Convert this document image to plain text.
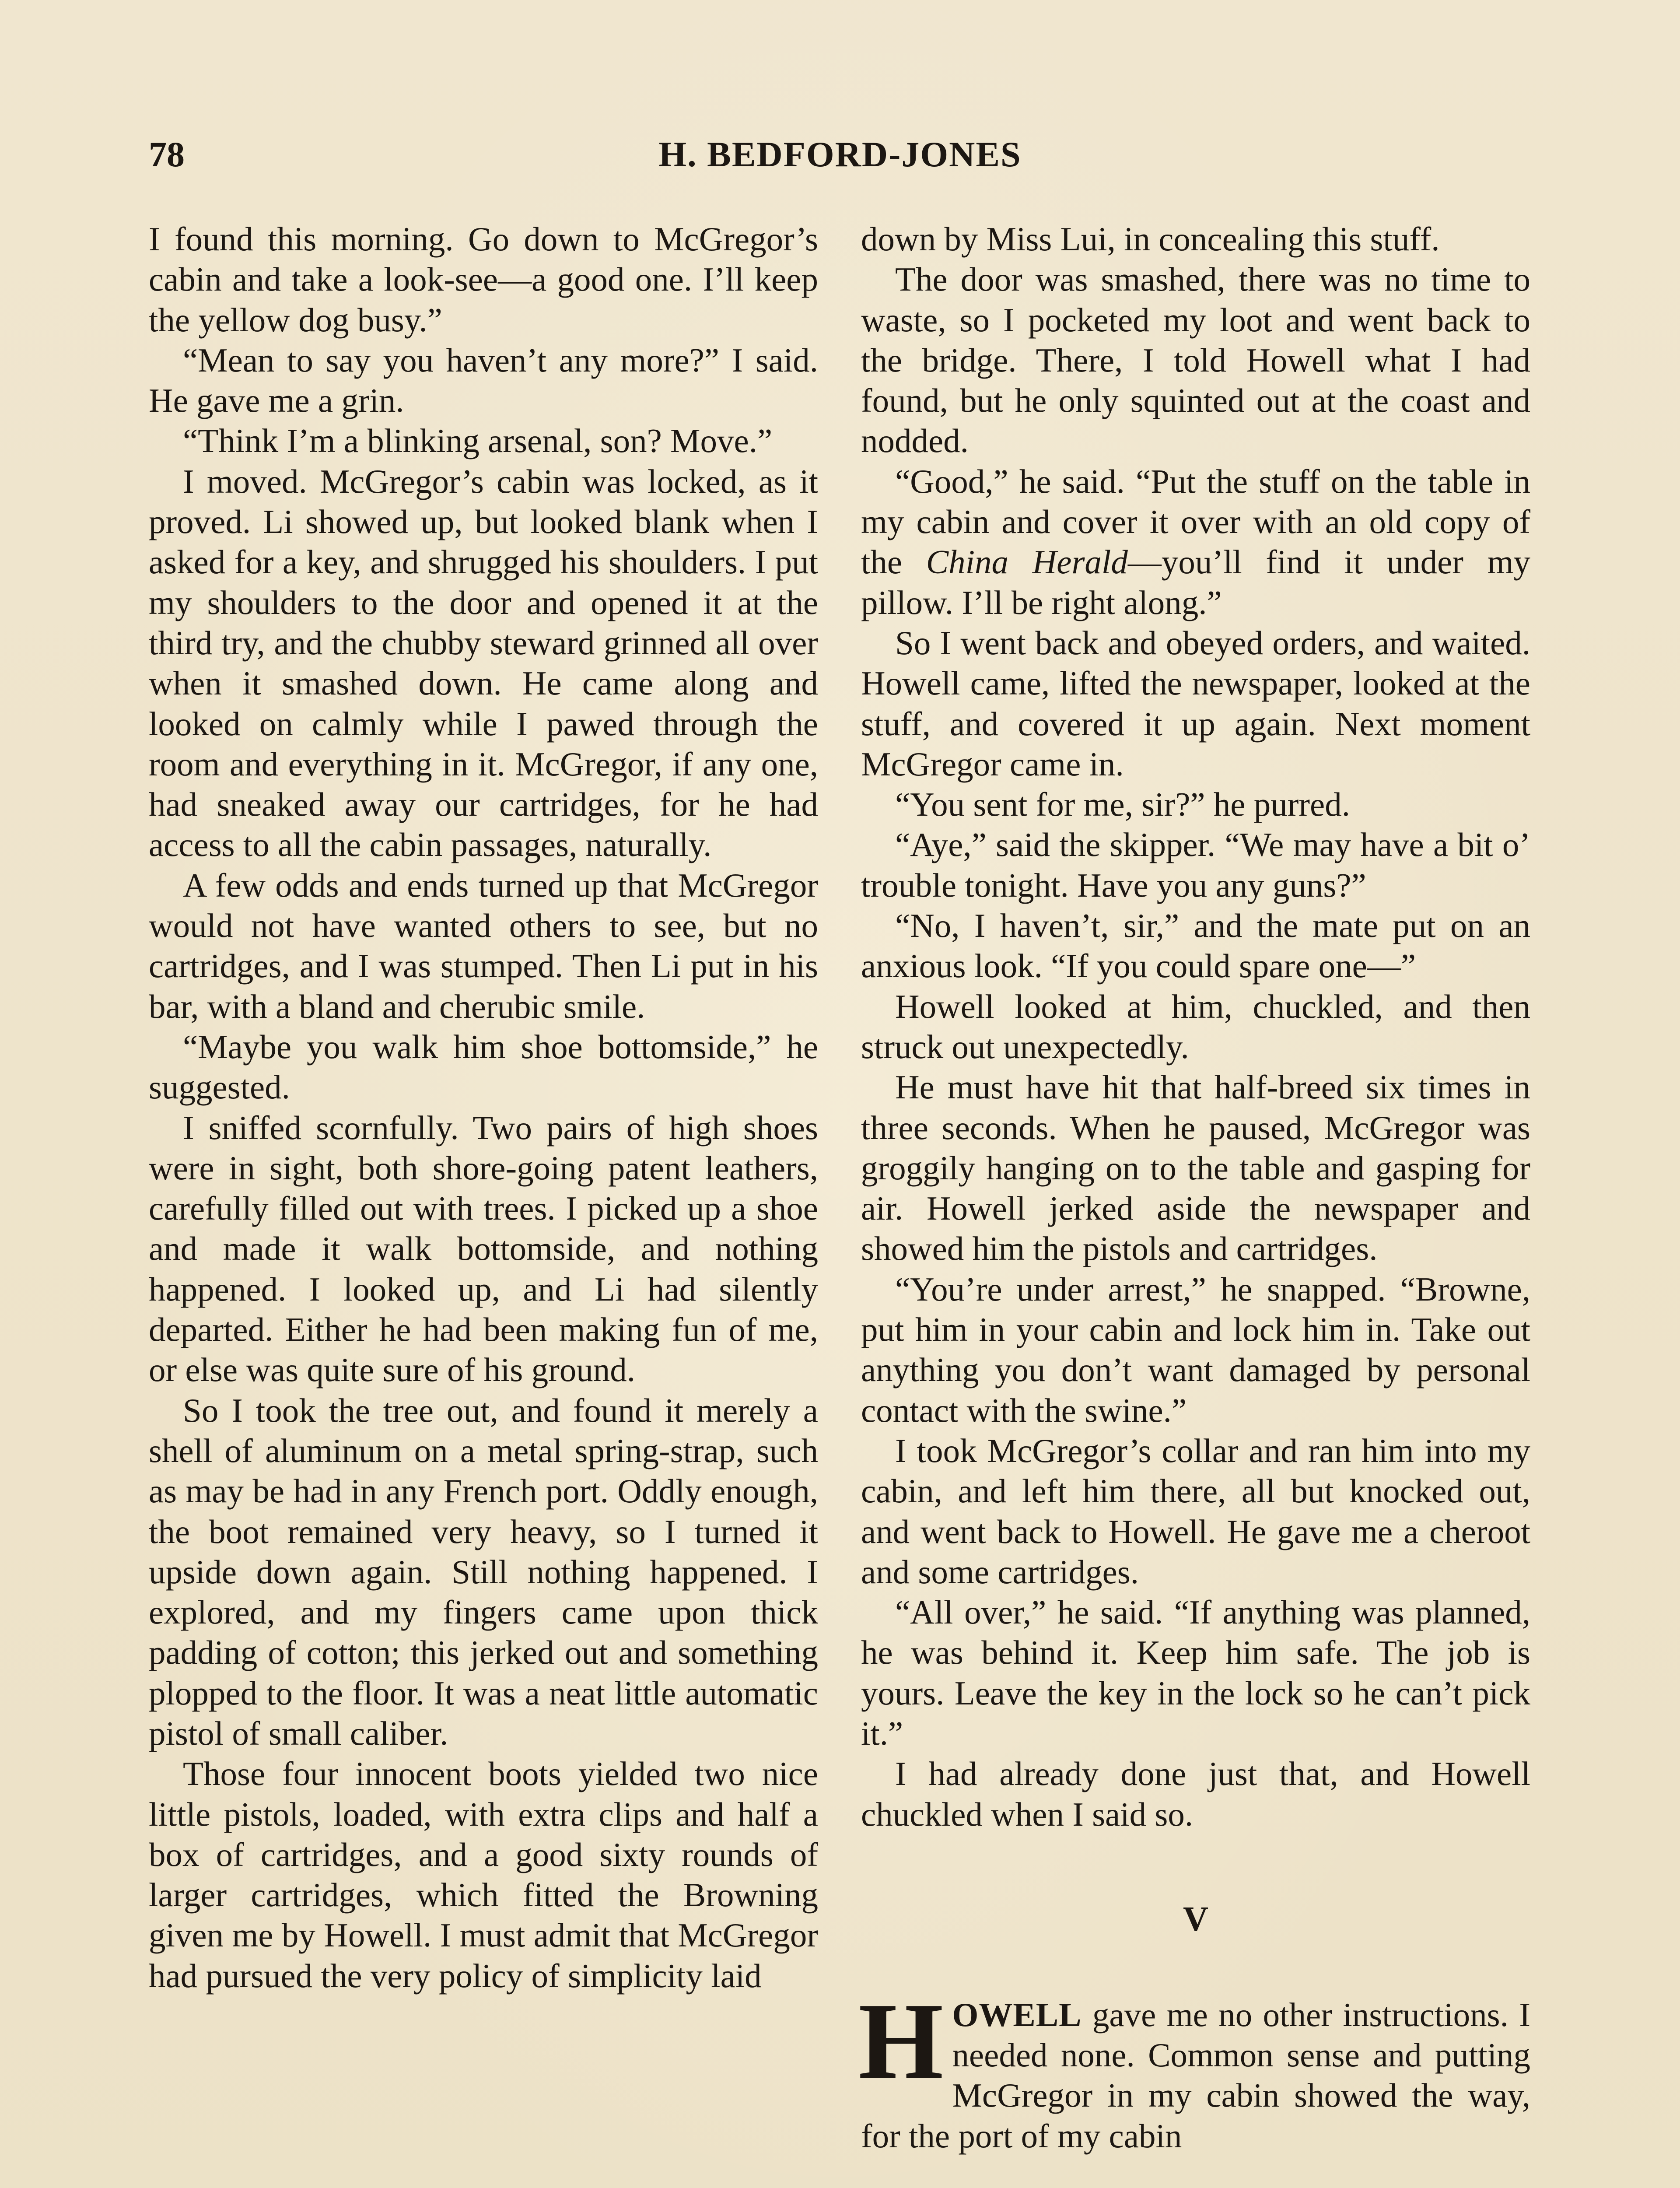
78	H. BEDFORD-JONES

I found this morning. Go down to McGregor’s cabin and take a look-see—a good one. I’ll keep the yellow dog busy.”

“Mean to say you haven’t any more?” I said. He gave me a grin.

“Think I’m a blinking arsenal, son? Move.”

I moved. McGregor’s cabin was locked, as it proved. Li showed up, but looked blank when I asked for a key, and shrugged his shoulders. I put my shoulders to the door and opened it at the third try, and the chubby steward grinned all over when it smashed down. He came along and looked on calmly while I pawed through the room and everything in it. McGregor, if any one, had sneaked away our cartridges, for he had access to all the cabin passages, naturally.

A few odds and ends turned up that McGregor would not have wanted others to see, but no cartridges, and I was stumped. Then Li put in his bar, with a bland and cherubic smile.

“Maybe you walk him shoe bottomside,” he suggested.

I sniffed scornfully. Two pairs of high shoes were in sight, both shore-going patent leathers, carefully filled out with trees. I picked up a shoe and made it walk bottomside, and nothing happened. I looked up, and Li had silently departed. Either he had been making fun of me, or else was quite sure of his ground.

So I took the tree out, and found it merely a shell of aluminum on a metal spring-strap, such as may be had in any French port. Oddly enough, the boot remained very heavy, so I turned it upside down again. Still nothing happened. I explored, and my fingers came upon thick padding of cotton; this jerked out and something plopped to the floor. It was a neat little automatic pistol of small caliber.

Those four innocent boots yielded two nice little pistols, loaded, with extra clips and half a box of cartridges, and a good sixty rounds of larger cartridges, which fitted the Browning given me by Howell. I must admit that McGregor had pursued the very policy of simplicity laid

down by Miss Lui, in concealing this stuff.

The door was smashed, there was no time to waste, so I pocketed my loot and went back to the bridge. There, I told Howell what I had found, but he only squinted out at the coast and nodded.

“Good,” he said. “Put the stuff on the table in my cabin and cover it over with an old copy of the China Herald—you’ll find it under my pillow. I’ll be right along.”

So I went back and obeyed orders, and waited. Howell came, lifted the newspaper, looked at the stuff, and covered it up again. Next moment McGregor came in.

“You sent for me, sir?” he purred.

“Aye,” said the skipper. “We may have a bit o’ trouble tonight. Have you any guns?”

“No, I haven’t, sir,” and the mate put on an anxious look. “If you could spare one—”

Howell looked at him, chuckled, and then struck out unexpectedly.

He must have hit that half-breed six times in three seconds. When he paused, McGregor was groggily hanging on to the table and gasping for air. Howell jerked aside the newspaper and showed him the pistols and cartridges.

“You’re under arrest,” he snapped. “Browne, put him in your cabin and lock him in. Take out anything you don’t want damaged by personal contact with the swine.”

I took McGregor’s collar and ran him into my cabin, and left him there, all but knocked out, and went back to Howell. He gave me a cheroot and some cartridges.

“All over,” he said. “If anything was planned, he was behind it. Keep him safe. The job is yours. Leave the key in the lock so he can’t pick it.”

I had already done just that, and Howell chuckled when I said so.

V

HOWELL gave me no other instructions. I needed none. Common sense and putting McGregor in my cabin showed the way, for the port of my cabin
